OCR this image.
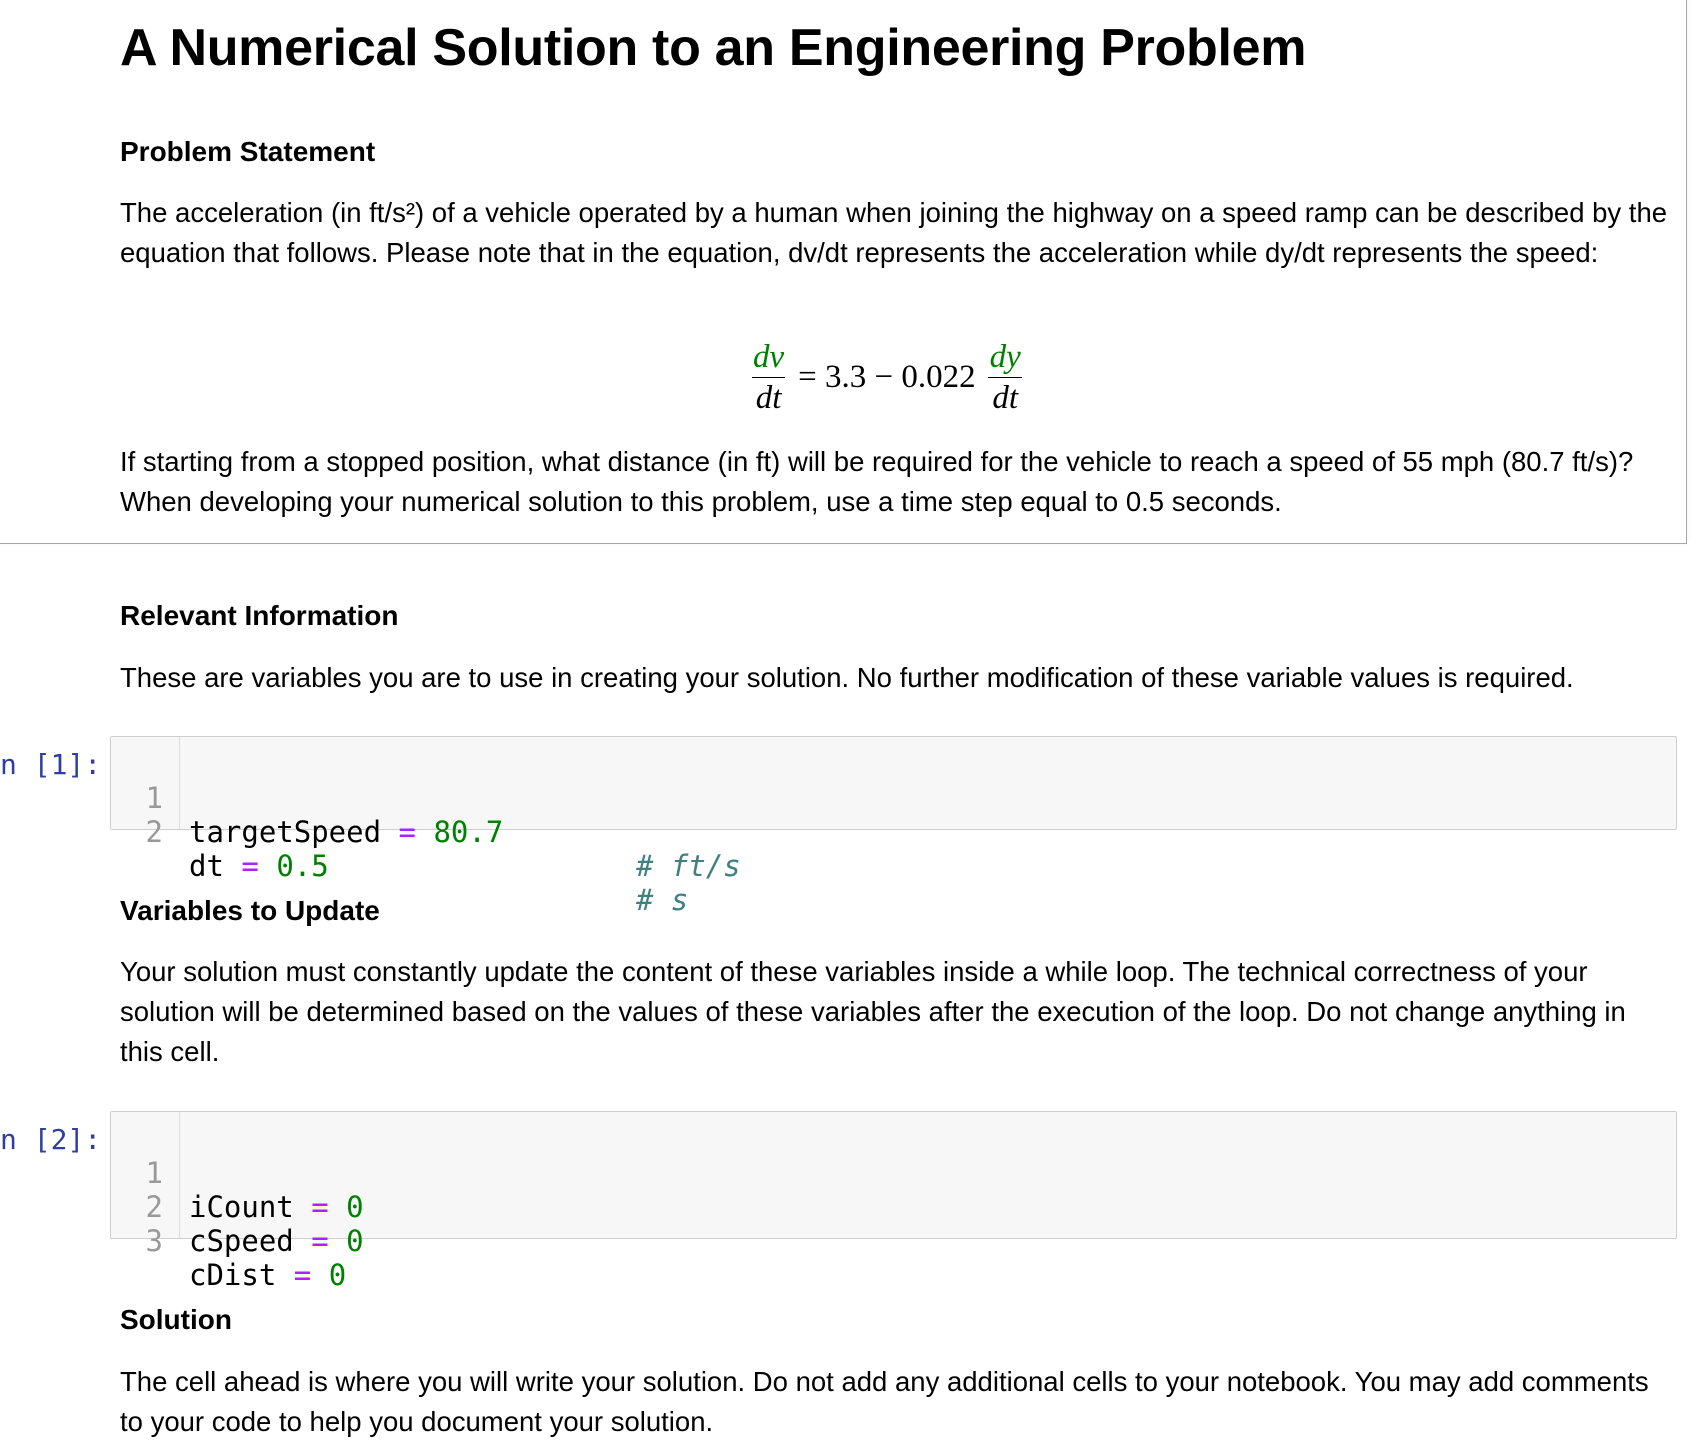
A Numerical Solution to an Engineering Problem
Problem Statement

The acceleration (in ft/s²) of a vehicle operated by a human when joining the highway on a speed ramp can be described by the equation that follows. Please note that in the equation, dv/dt represents the acceleration while dy/dt represents the speed:

$\frac{dv}{dt} = 3.3 - 0.022 \frac{dy}{dt}$

If starting from a stopped position, what distance (in ft) will be required for the vehicle to reach a speed of 55 mph (80.7 ft/s)? When developing your numerical solution to this problem, use a time step equal to 0.5 seconds.

Relevant Information

These are variables you are to use in creating your solution. No further modification of these variable values is required.

n [1]:

1

targetSpeed = 80.7

# ft/s

2

dt = 0.5

# s

Variables to Update

Your solution must constantly update the content of these variables inside a while loop. The technical correctness of your solution will be determined based on the values of these variables after the execution of the loop. Do not change anything in this cell.

n [2]:

1

iCount = 0

2

cSpeed = 0

3

cDist = 0

Solution

The cell ahead is where you will write your solution. Do not add any additional cells to your notebook. You may add comments to your code to help you document your solution.
